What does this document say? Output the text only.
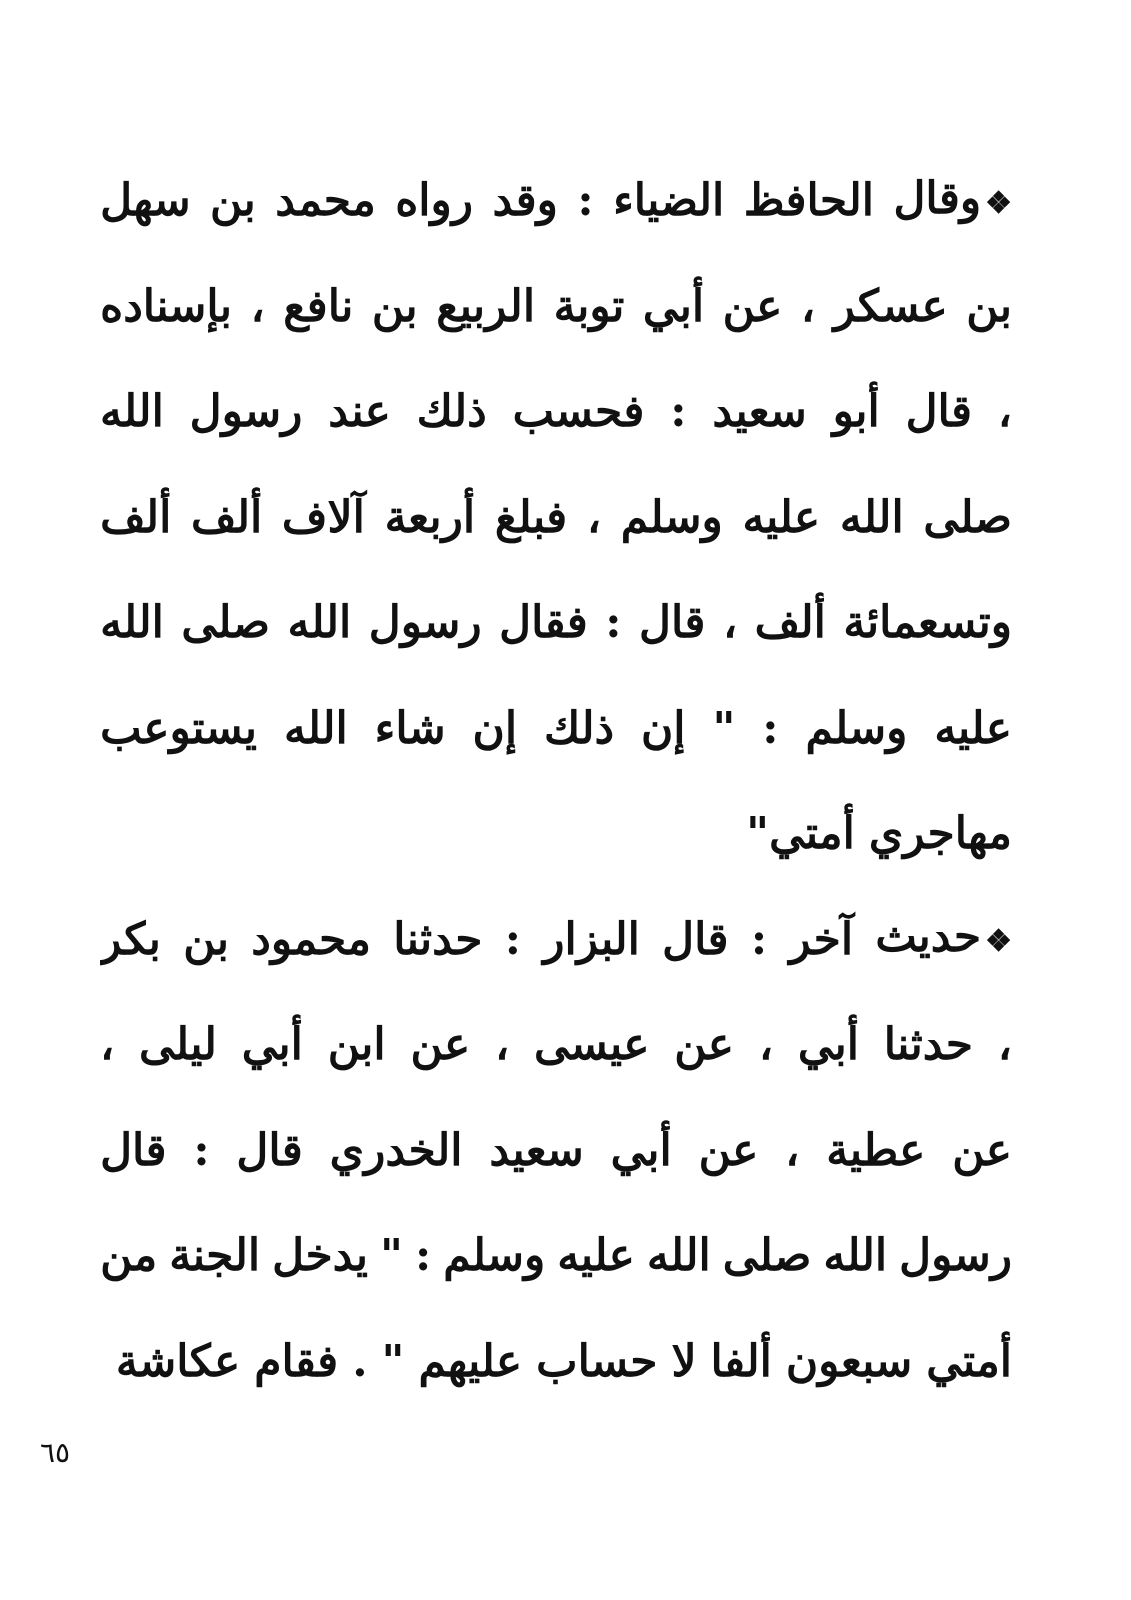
❖وقال
الحافظ
الضياء
:
وقد
رواه
محمد
بن
سهل
بن
عسكر
،
عن
أبي
توبة
الربيع
بن
نافع
،
بإسناده
،
قال
أبو
سعيد
:
فحسب
ذلك
عند
رسول
الله
صلى
الله
عليه
وسلم
،
فبلغ
أربعة
آلاف
ألف
ألف
وتسعمائة
ألف
،
قال
:
فقال
رسول
الله
صلى
الله
عليه
وسلم
:
"
إن
ذلك
إن
شاء
الله
يستوعب
مهاجري
أمتي"
❖حديث
آخر
:
قال
البزار
:
حدثنا
محمود
بن
بكر
،
حدثنا
أبي
،
عن
عيسى
،
عن
ابن
أبي
ليلى
،
عن
عطية
،
عن
أبي
سعيد
الخدري
قال
:
قال
رسول
الله
صلى
الله
عليه
وسلم
:
"
يدخل
الجنة
من
أمتي
سبعون
ألفا
لا
حساب
عليهم
"
.
فقام
عكاشة
٦٥
